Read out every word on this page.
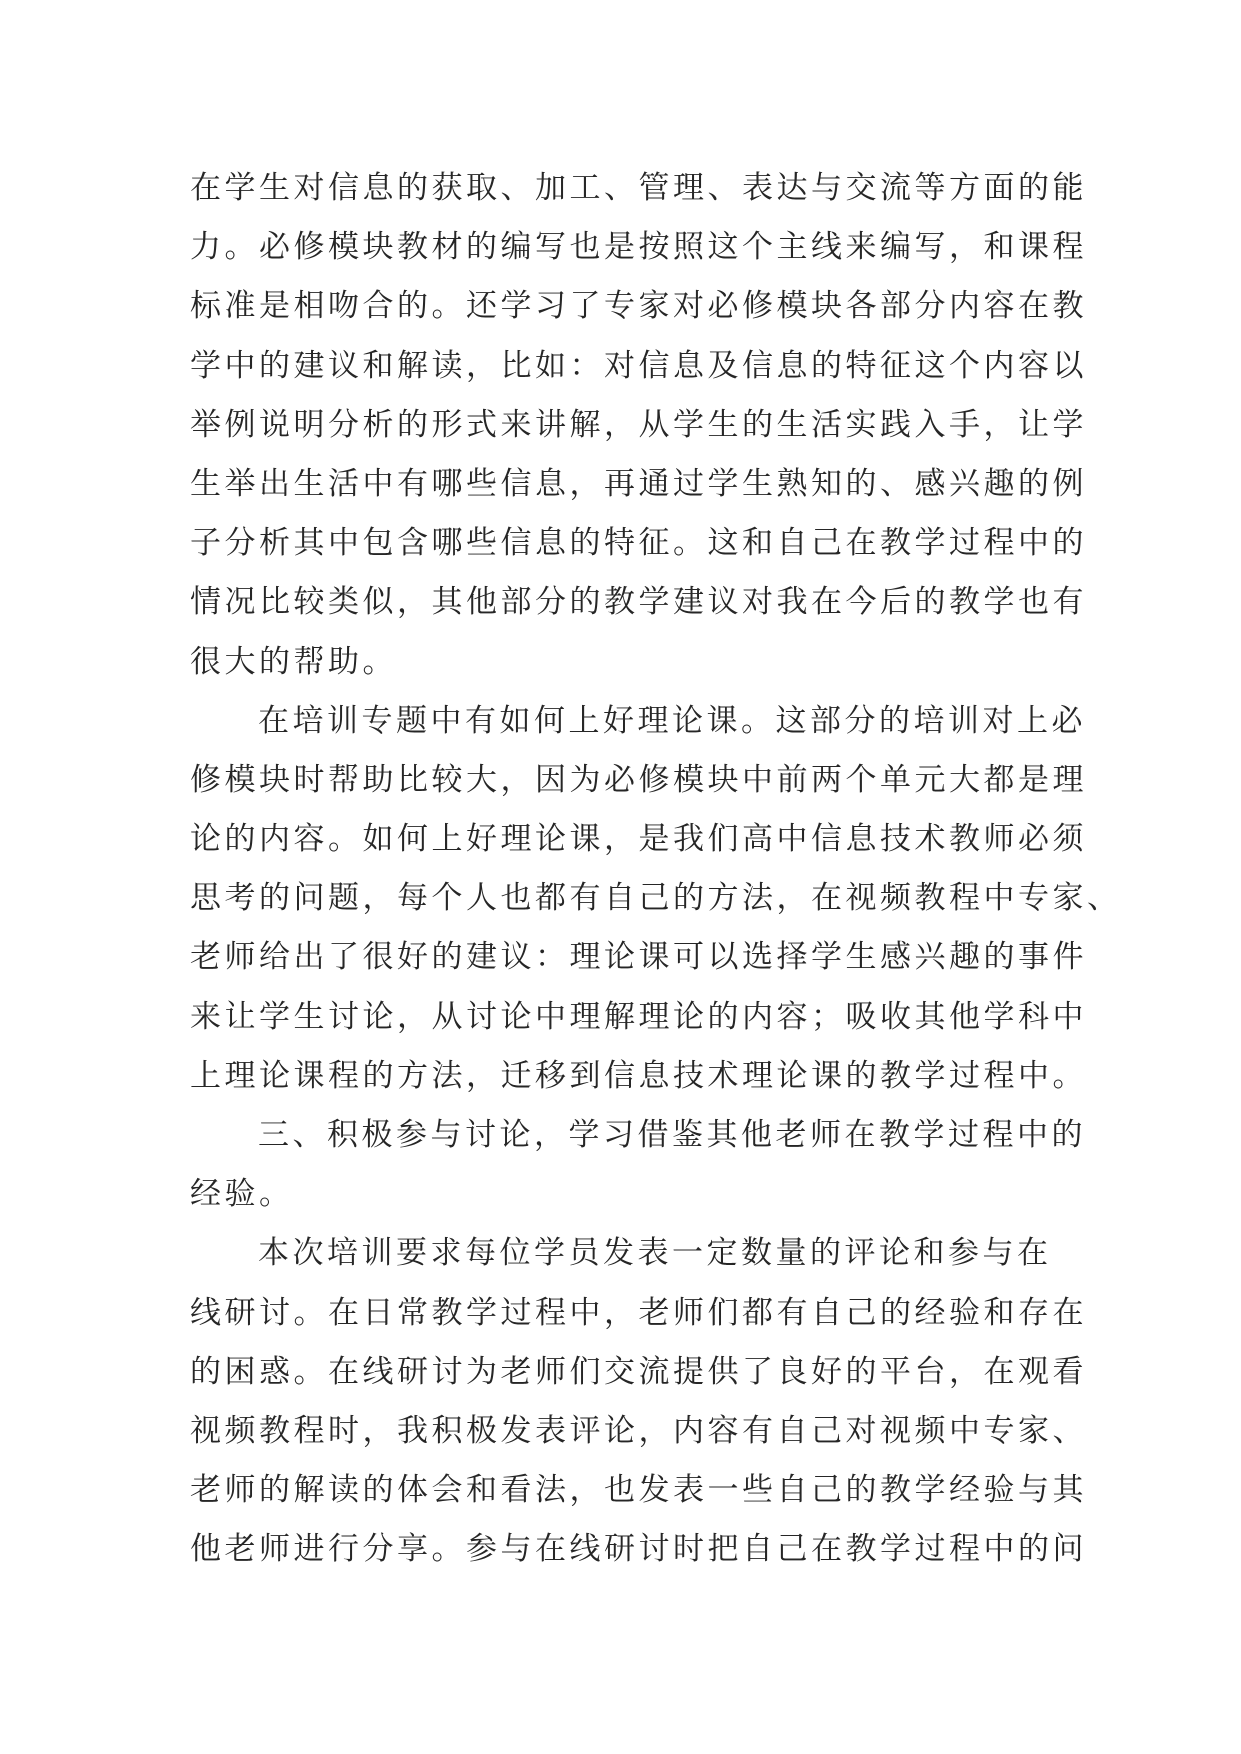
在学生对信息的获取、加工、管理、表达与交流等方面的能
力。必修模块教材的编写也是按照这个主线来编写，和课程
标准是相吻合的。还学习了专家对必修模块各部分内容在教
学中的建议和解读，比如：对信息及信息的特征这个内容以
举例说明分析的形式来讲解，从学生的生活实践入手，让学
生举出生活中有哪些信息，再通过学生熟知的、感兴趣的例
子分析其中包含哪些信息的特征。这和自己在教学过程中的
情况比较类似，其他部分的教学建议对我在今后的教学也有
很大的帮助。
在培训专题中有如何上好理论课。这部分的培训对上必
修模块时帮助比较大，因为必修模块中前两个单元大都是理
论的内容。如何上好理论课，是我们高中信息技术教师必须
思考的问题，每个人也都有自己的方法，在视频教程中专家、
老师给出了很好的建议：理论课可以选择学生感兴趣的事件
来让学生讨论，从讨论中理解理论的内容；吸收其他学科中
上理论课程的方法，迁移到信息技术理论课的教学过程中。
三、积极参与讨论，学习借鉴其他老师在教学过程中的
经验。
本次培训要求每位学员发表一定数量的评论和参与在
线研讨。在日常教学过程中，老师们都有自己的经验和存在
的困惑。在线研讨为老师们交流提供了良好的平台，在观看
视频教程时，我积极发表评论，内容有自己对视频中专家、
老师的解读的体会和看法，也发表一些自己的教学经验与其
他老师进行分享。参与在线研讨时把自己在教学过程中的问
